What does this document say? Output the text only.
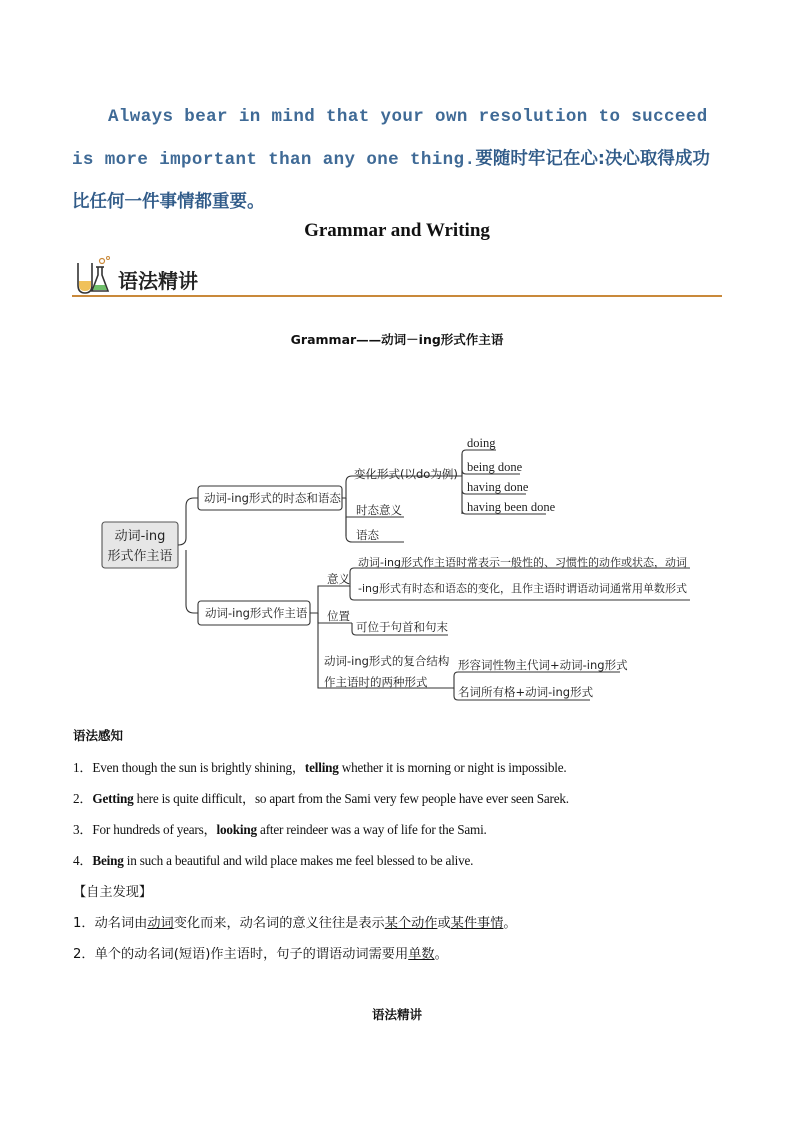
Always bear in mind that your own resolution to succeed is more important than any one thing.要随时牢记在心:决心取得成功比任何一件事情都重要。
Grammar and Writing
语法精讲
Grammar——动词－ing形式作主语
动词-ing
形式作主语
动词-ing形式的时态和语态
变化形式(以do为例)
时态意义
语态
doing
being done
having done
having been done
动词-ing形式作主语
意义
动词-ing形式作主语时常表示一般性的、习惯性的动作或状态，动词
-ing形式有时态和语态的变化，且作主语时谓语动词通常用单数形式
位置
可位于句首和句末
动词-ing形式的复合结构
作主语时的两种形式
形容词性物主代词+动词-ing形式
名词所有格+动词-ing形式
语法感知
1．Even though the sun is brightly shining，telling whether it is morning or night is impossible.
2．Getting here is quite difficult，so apart from the Sami very few people have ever seen Sarek.
3．For hundreds of years，looking after reindeer was a way of life for the Sami.
4．Being in such a beautiful and wild place makes me feel blessed to be alive.
【自主发现】
1．动名词由动词变化而来，动名词的意义往往是表示某个动作或某件事情。
2．单个的动名词(短语)作主语时，句子的谓语动词需要用单数。
语法精讲
